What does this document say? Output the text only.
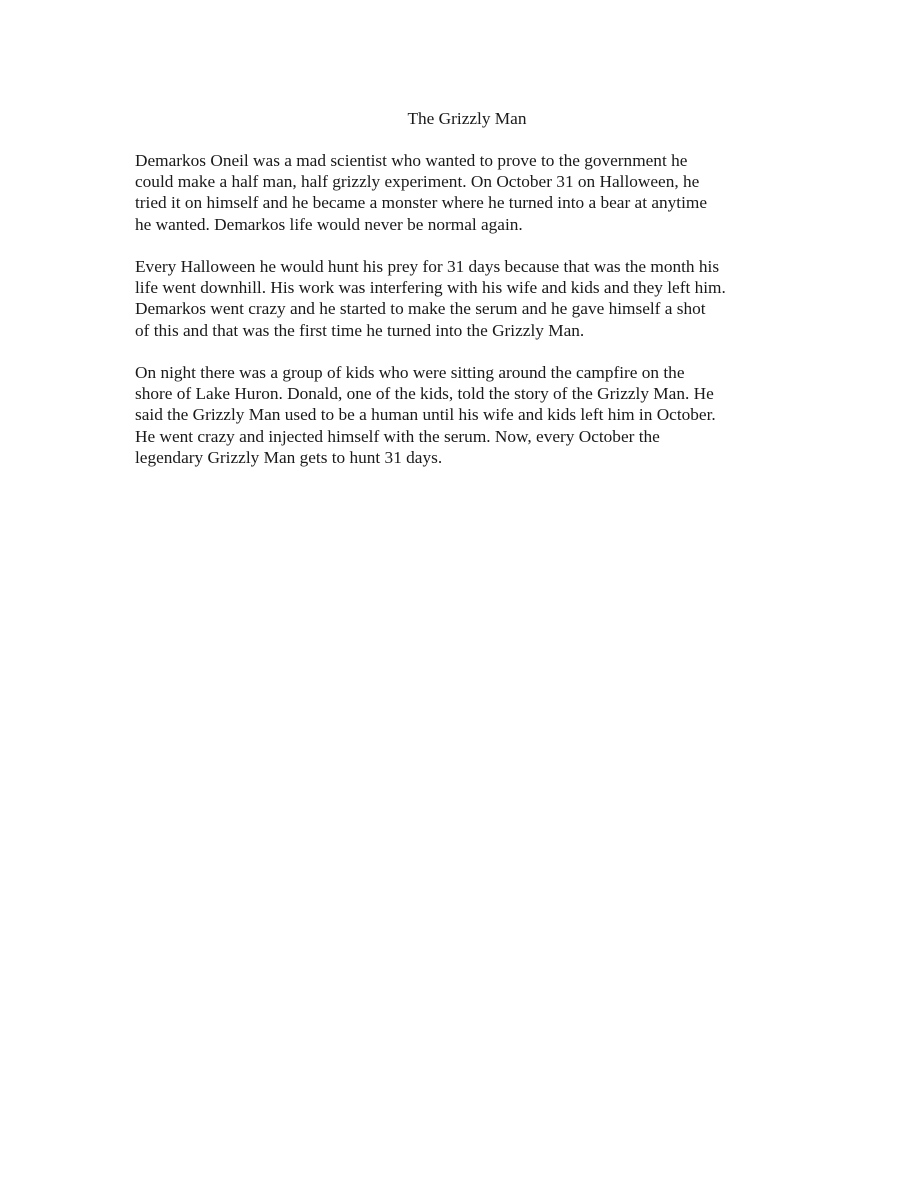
The Grizzly Man

Demarkos Oneil was a mad scientist who wanted to prove to the government he
could make a half man, half grizzly experiment. On October 31 on Halloween, he
tried it on himself and he became a monster where he turned into a bear at anytime
he wanted. Demarkos life would never be normal again.

Every Halloween he would hunt his prey for 31 days because that was the month his
life went downhill. His work was interfering with his wife and kids and they left him.
Demarkos went crazy and he started to make the serum and he gave himself a shot
of this and that was the first time he turned into the Grizzly Man.

On night there was a group of kids who were sitting around the campfire on the
shore of Lake Huron. Donald, one of the kids, told the story of the Grizzly Man. He
said the Grizzly Man used to be a human until his wife and kids left him in October.
He went crazy and injected himself with the serum. Now, every October the
legendary Grizzly Man gets to hunt 31 days.
